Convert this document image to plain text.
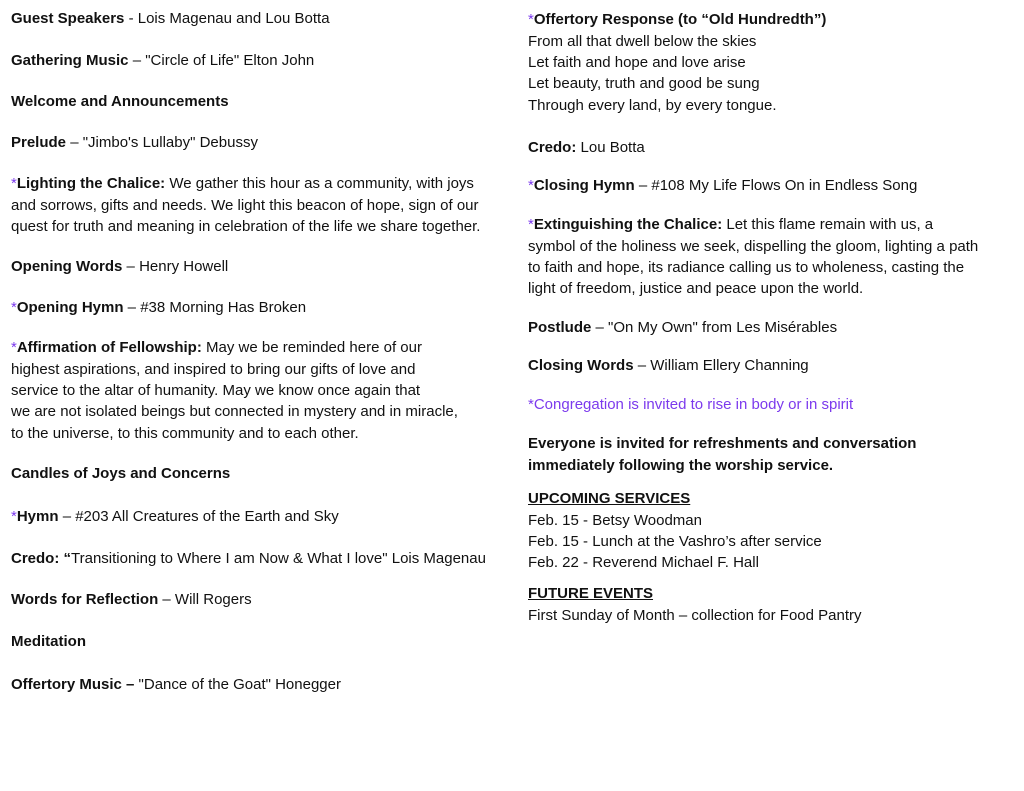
Guest Speakers - Lois Magenau and Lou Botta
Gathering Music – "Circle of Life" Elton John
Welcome and Announcements
Prelude – "Jimbo's Lullaby" Debussy
*Lighting the Chalice: We gather this hour as a community, with joys
and sorrows, gifts and needs. We light this beacon of hope, sign of our
quest for truth and meaning in celebration of the life we share together.
Opening Words – Henry Howell
*Opening Hymn – #38 Morning Has Broken
*Affirmation of Fellowship: May we be reminded here of our
highest aspirations, and inspired to bring our gifts of love and
service to the altar of humanity. May we know once again that
we are not isolated beings but connected in mystery and in miracle,
to the universe, to this community and to each other.
Candles of Joys and Concerns
*Hymn – #203 All Creatures of the Earth and Sky
Credo: “Transitioning to Where I am Now & What I love" Lois Magenau
Words for Reflection – Will Rogers
Meditation
Offertory Music – "Dance of the Goat" Honegger
*Offertory Response (to “Old Hundredth”)
From all that dwell below the skies
Let faith and hope and love arise
Let beauty, truth and good be sung
Through every land, by every tongue.
Credo: Lou Botta
*Closing Hymn – #108 My Life Flows On in Endless Song
*Extinguishing the Chalice: Let this flame remain with us, a
symbol of the holiness we seek, dispelling the gloom, lighting a path
to faith and hope, its radiance calling us to wholeness, casting the
light of freedom, justice and peace upon the world.
Postlude – "On My Own" from Les Misérables
Closing Words – William Ellery Channing
*Congregation is invited to rise in body or in spirit
Everyone is invited for refreshments and conversation
immediately following the worship service.
UPCOMING SERVICES
Feb. 15 - Betsy Woodman
Feb. 15 - Lunch at the Vashro’s after service
Feb. 22 - Reverend Michael F. Hall
FUTURE EVENTS
First Sunday of Month – collection for Food Pantry
